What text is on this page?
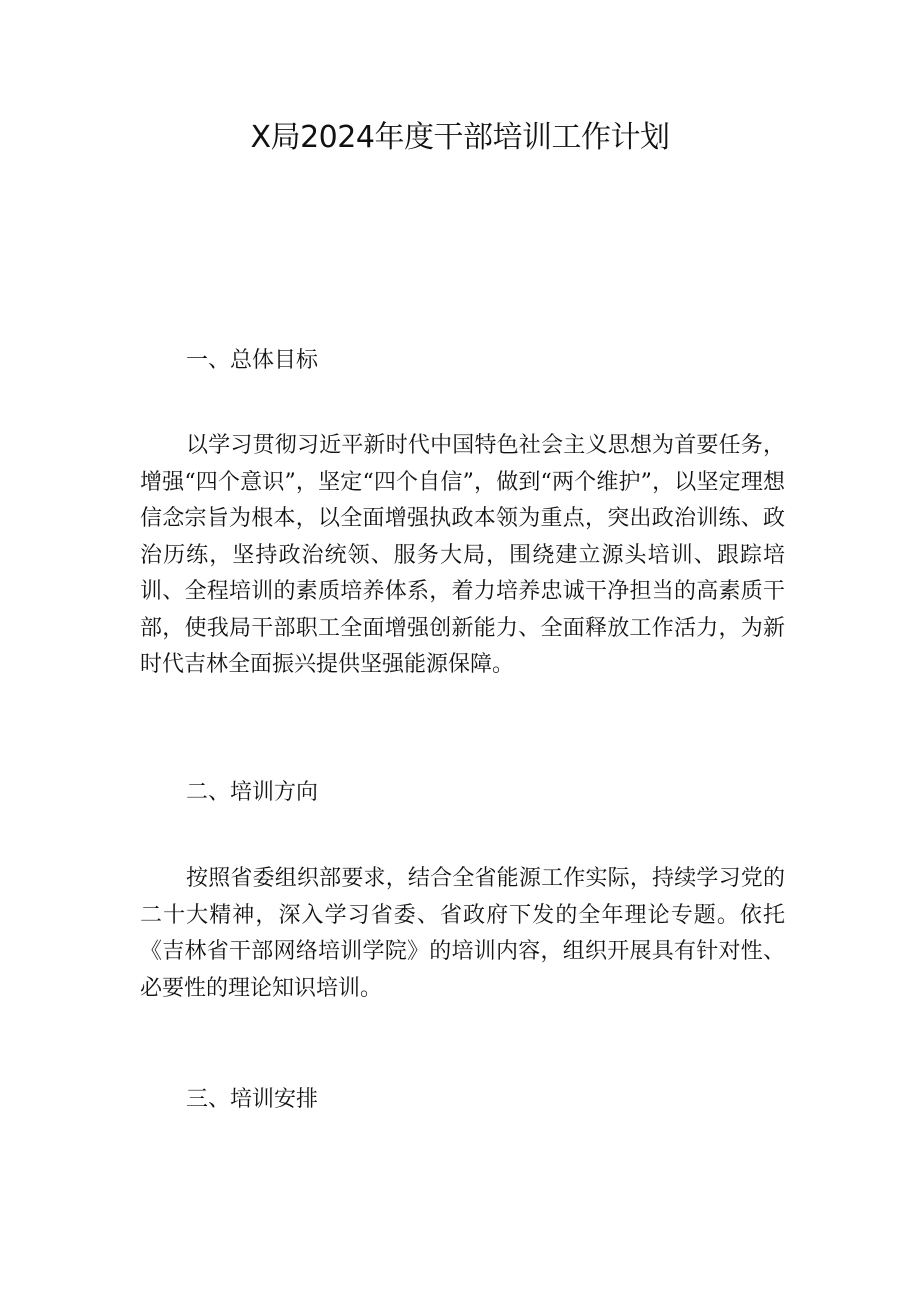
X局2024年度干部培训工作计划
一、总体目标

以学习贯彻习近平新时代中国特色社会主义思想为首要任务，增强“四个意识”，坚定“四个自信”，做到“两个维护”，以坚定理想信念宗旨为根本，以全面增强执政本领为重点，突出政治训练、政治历练，坚持政治统领、服务大局，围绕建立源头培训、跟踪培训、全程培训的素质培养体系，着力培养忠诚干净担当的高素质干部，使我局干部职工全面增强创新能力、全面释放工作活力，为新时代吉林全面振兴提供坚强能源保障。

二、培训方向

按照省委组织部要求，结合全省能源工作实际，持续学习党的二十大精神，深入学习省委、省政府下发的全年理论专题。依托《吉林省干部网络培训学院》的培训内容，组织开展具有针对性、必要性的理论知识培训。

三、培训安排
